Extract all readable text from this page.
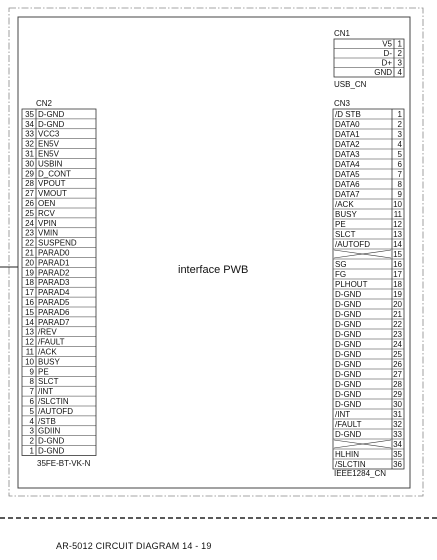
interface PWB
CN1
USB_CN
1
V5
2
D-
3
D+
4
GND
CN2
35FE-BT-VK-N
35 D-GND
34 D-GND
33 VCC3
32 EN5V
31 EN5V
30 USBIN
29 D_CONT
28 VPOUT
27 VMOUT
26 OEN
25 RCV
24 VPIN
23 VMIN
22 SUSPEND
21 PARAD0
20 PARAD1
19 PARAD2
18 PARAD3
17 PARAD4
16 PARAD5
15 PARAD6
14 PARAD7
13 /REV
12 /FAULT
11 /ACK
10 BUSY
9 PE
8 SLCT
7 /INT
6 /SLCTIN
5 /AUTOFD
4 /STB
3 GDIIN
2 D-GND
1 D-GND
CN3
IEEE1284_CN
1
/D STB
2
DATA0
3
DATA1
4
DATA2
5
DATA3
6
DATA4
7
DATA5
8
DATA6
9
DATA7
10
/ACK
11
BUSY
12
PE
13
SLCT
14
/AUTOFD
15
16
SG
17
FG
18
PLHOUT
19
D-GND
20
D-GND
21
D-GND
22
D-GND
23
D-GND
24
D-GND
25
D-GND
26
D-GND
27
D-GND
28
D-GND
29
D-GND
30
D-GND
31
/INT
32
/FAULT
33
D-GND
34
35
HLHIN
36
/SLCTIN
AR-5012 CIRCUIT DIAGRAM 14 - 19
